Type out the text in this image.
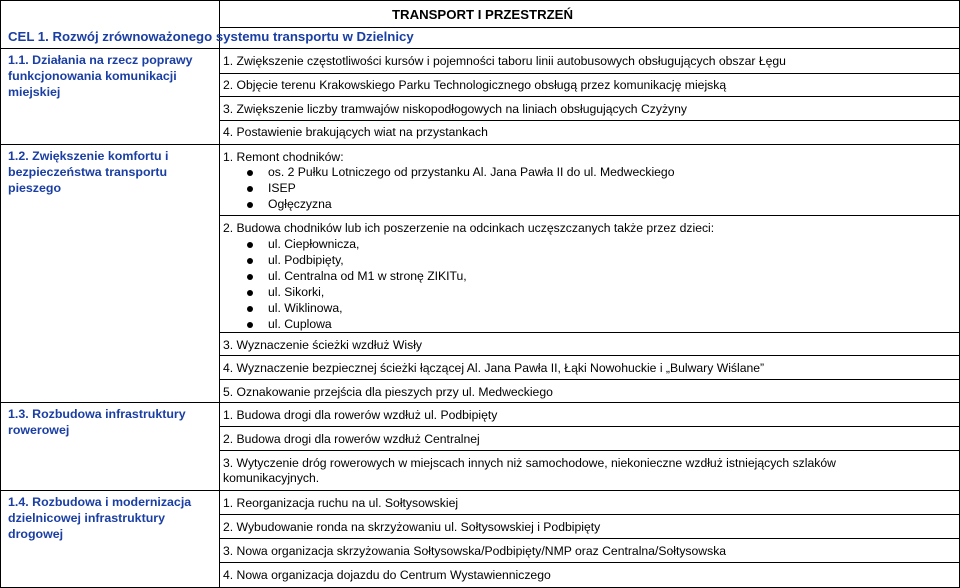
CEL 1. Rozwój zrównoważonego systemu transportu w Dzielnicy
TRANSPORT I PRZESTRZEŃ
1.1. Działania na rzecz poprawy funkcjonowania komunikacji miejskiej
1. Zwiększenie częstotliwości kursów i pojemności taboru linii autobusowych obsługujących obszar Łęgu
2. Objęcie terenu Krakowskiego Parku Technologicznego obsługą przez komunikację miejską
3. Zwiększenie liczby tramwajów niskopodłogowych na liniach obsługujących Czyżyny
4. Postawienie brakujących wiat na przystankach
1.2. Zwiększenie komfortu i bezpieczeństwa transportu pieszego
1. Remont chodników:
os. 2 Pułku Lotniczego od przystanku Al. Jana Pawła II do ul. Medweckiego
ISEP
Ogłęczyzna
2. Budowa chodników lub ich poszerzenie na odcinkach uczęszczanych także przez dzieci:
ul. Ciepłownicza,
ul. Podbipięty,
ul. Centralna od M1 w stronę ZIKITu,
ul. Sikorki,
ul. Wiklinowa,
ul. Cuplowa
3. Wyznaczenie ścieżki wzdłuż Wisły
4. Wyznaczenie bezpiecznej ścieżki łączącej Al. Jana Pawła II, Łąki Nowohuckie i „Bulwary Wiślane”
5. Oznakowanie przejścia dla pieszych przy ul. Medweckiego
1.3. Rozbudowa infrastruktury rowerowej
1. Budowa drogi dla rowerów wzdłuż ul. Podbipięty
2. Budowa drogi dla rowerów wzdłuż Centralnej
3. Wytyczenie dróg rowerowych w miejscach innych niż samochodowe, niekonieczne wzdłuż istniejących szlaków komunikacyjnych.
1.4. Rozbudowa i modernizacja dzielnicowej infrastruktury drogowej
1. Reorganizacja ruchu na ul. Sołtysowskiej
2. Wybudowanie ronda na skrzyżowaniu ul. Sołtysowskiej i Podbipięty
3. Nowa organizacja skrzyżowania Sołtysowska/Podbipięty/NMP oraz Centralna/Sołtysowska
4. Nowa organizacja dojazdu do Centrum Wystawienniczego
